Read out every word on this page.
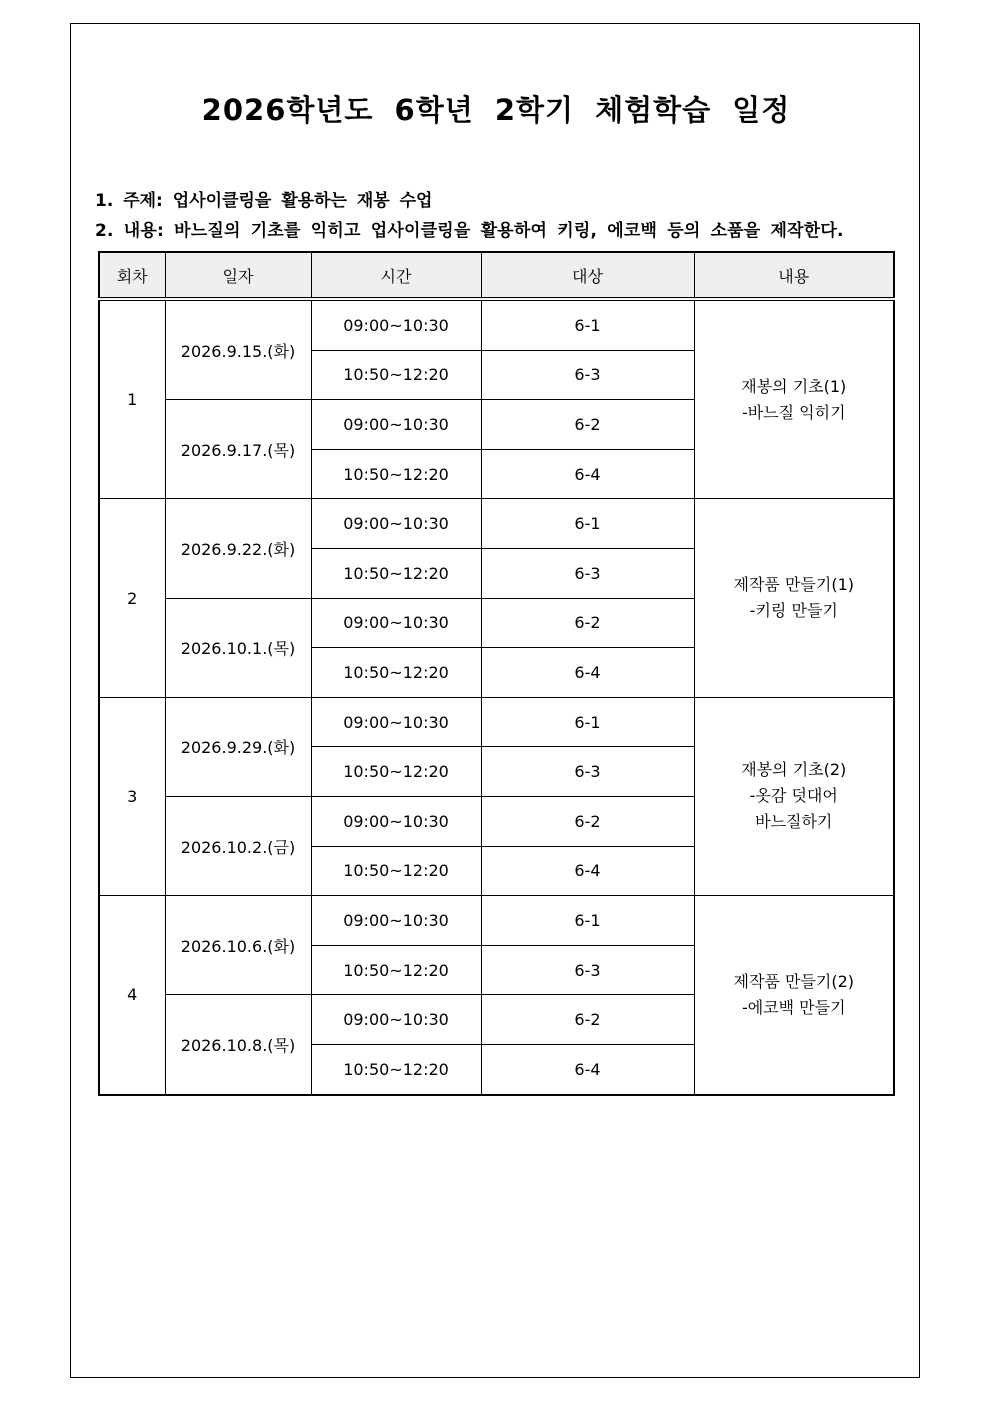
2026학년도 6학년 2학기 체험학습 일정
1. 주제: 업사이클링을 활용하는 재봉 수업
2. 내용: 바느질의 기초를 익히고 업사이클링을 활용하여 키링, 에코백 등의 소품을 제작한다.
회차	일자	시간	대상	내용
1	2026.9.15.(화)	09:00~10:30	6-1	재봉의 기초(1)
-바느질 익히기
		10:50~12:20	6-3	
	2026.9.17.(목)	09:00~10:30	6-2	
		10:50~12:20	6-4	
2	2026.9.22.(화)	09:00~10:30	6-1	제작품 만들기(1)
-키링 만들기
		10:50~12:20	6-3	
	2026.10.1.(목)	09:00~10:30	6-2	
		10:50~12:20	6-4	
3	2026.9.29.(화)	09:00~10:30	6-1	재봉의 기초(2)
-옷감 덧대어
바느질하기
		10:50~12:20	6-3	
	2026.10.2.(금)	09:00~10:30	6-2	
		10:50~12:20	6-4	
4	2026.10.6.(화)	09:00~10:30	6-1	제작품 만들기(2)
-에코백 만들기
		10:50~12:20	6-3	
	2026.10.8.(목)	09:00~10:30	6-2	
		10:50~12:20	6-4	
